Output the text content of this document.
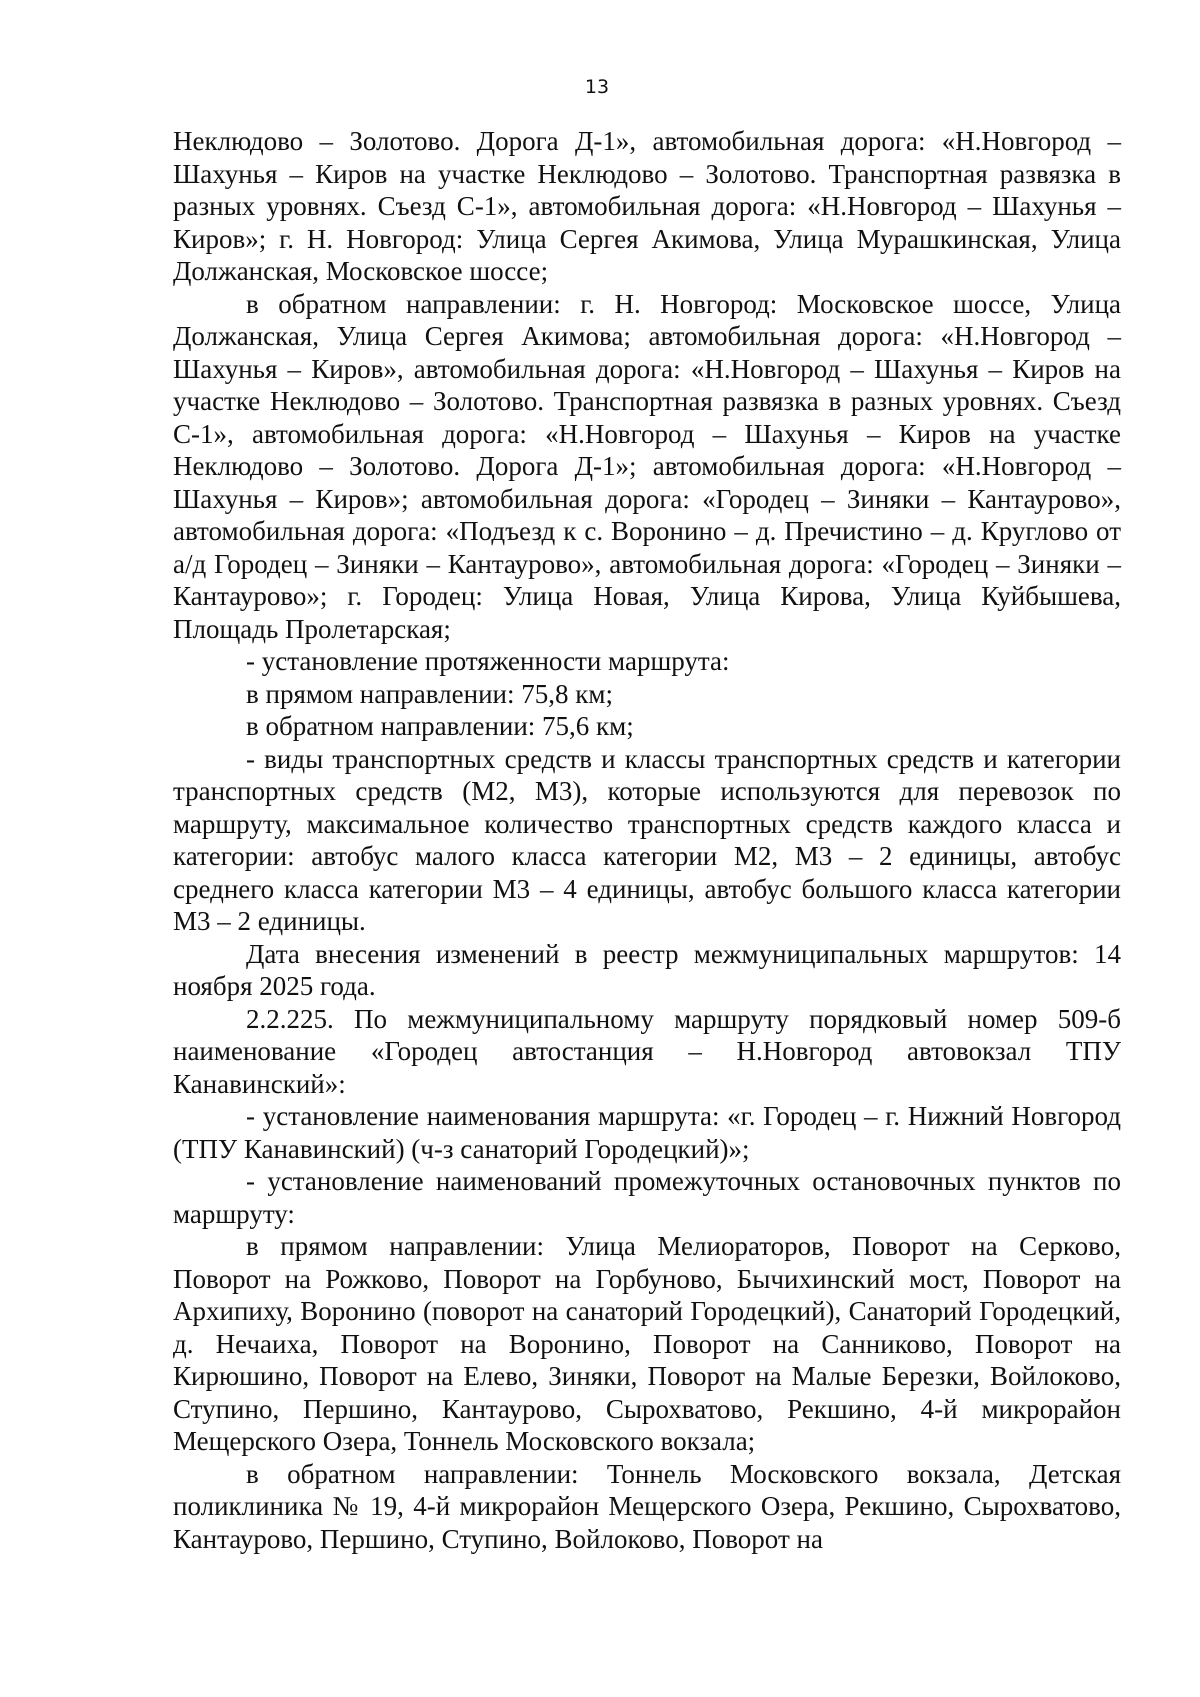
13

Неклюдово – Золотово. Дорога Д-1», автомобильная дорога: «Н.Новгород – Шахунья – Киров на участке Неклюдово – Золотово. Транспортная развязка в разных уровнях. Съезд С-1», автомобильная дорога: «Н.Новгород – Шахунья – Киров»; г. Н. Новгород: Улица Сергея Акимова, Улица Мурашкинская, Улица Должанская, Московское шоссе;

в обратном направлении: г. Н. Новгород: Московское шоссе, Улица Должанская, Улица Сергея Акимова; автомобильная дорога: «Н.Новгород – Шахунья – Киров», автомобильная дорога: «Н.Новгород – Шахунья – Киров на участке Неклюдово – Золотово. Транспортная развязка в разных уровнях. Съезд С-1», автомобильная дорога: «Н.Новгород – Шахунья – Киров на участке Неклюдово – Золотово. Дорога Д-1»; автомобильная дорога: «Н.Новгород – Шахунья – Киров»; автомобильная дорога: «Городец – Зиняки – Кантаурово», автомобильная дорога: «Подъезд к с. Воронино – д. Пречистино – д. Круглово от а/д Городец – Зиняки – Кантаурово», автомобильная дорога: «Городец – Зиняки – Кантаурово»; г. Городец: Улица Новая, Улица Кирова, Улица Куйбышева, Площадь Пролетарская;

- установление протяженности маршрута:

в прямом направлении: 75,8 км;

в обратном направлении: 75,6 км;

- виды транспортных средств и классы транспортных средств и категории транспортных средств (М2, М3), которые используются для перевозок по маршруту, максимальное количество транспортных средств каждого класса и категории: автобус малого класса категории М2, М3 – 2 единицы, автобус среднего класса категории М3 – 4 единицы, автобус большого класса категории М3 – 2 единицы.

Дата внесения изменений в реестр межмуниципальных маршрутов: 14 ноября 2025 года.

2.2.225. По межмуниципальному маршруту порядковый номер 509-б наименование «Городец автостанция – Н.Новгород автовокзал ТПУ Канавинский»:

- установление наименования маршрута: «г. Городец – г. Нижний Новгород (ТПУ Канавинский) (ч-з санаторий Городецкий)»;

- установление наименований промежуточных остановочных пунктов по маршруту:

в прямом направлении: Улица Мелиораторов, Поворот на Серково, Поворот на Рожково, Поворот на Горбуново, Бычихинский мост, Поворот на Архипиху, Воронино (поворот на санаторий Городецкий), Санаторий Городецкий, д. Нечаиха, Поворот на Воронино, Поворот на Санниково, Поворот на Кирюшино, Поворот на Елево, Зиняки, Поворот на Малые Березки, Войлоково, Ступино, Першино, Кантаурово, Сырохватово, Рекшино, 4-й микрорайон Мещерского Озера, Тоннель Московского вокзала;

в обратном направлении: Тоннель Московского вокзала, Детская поликлиника № 19, 4-й микрорайон Мещерского Озера, Рекшино, Сырохватово, Кантаурово, Першино, Ступино, Войлоково, Поворот на
